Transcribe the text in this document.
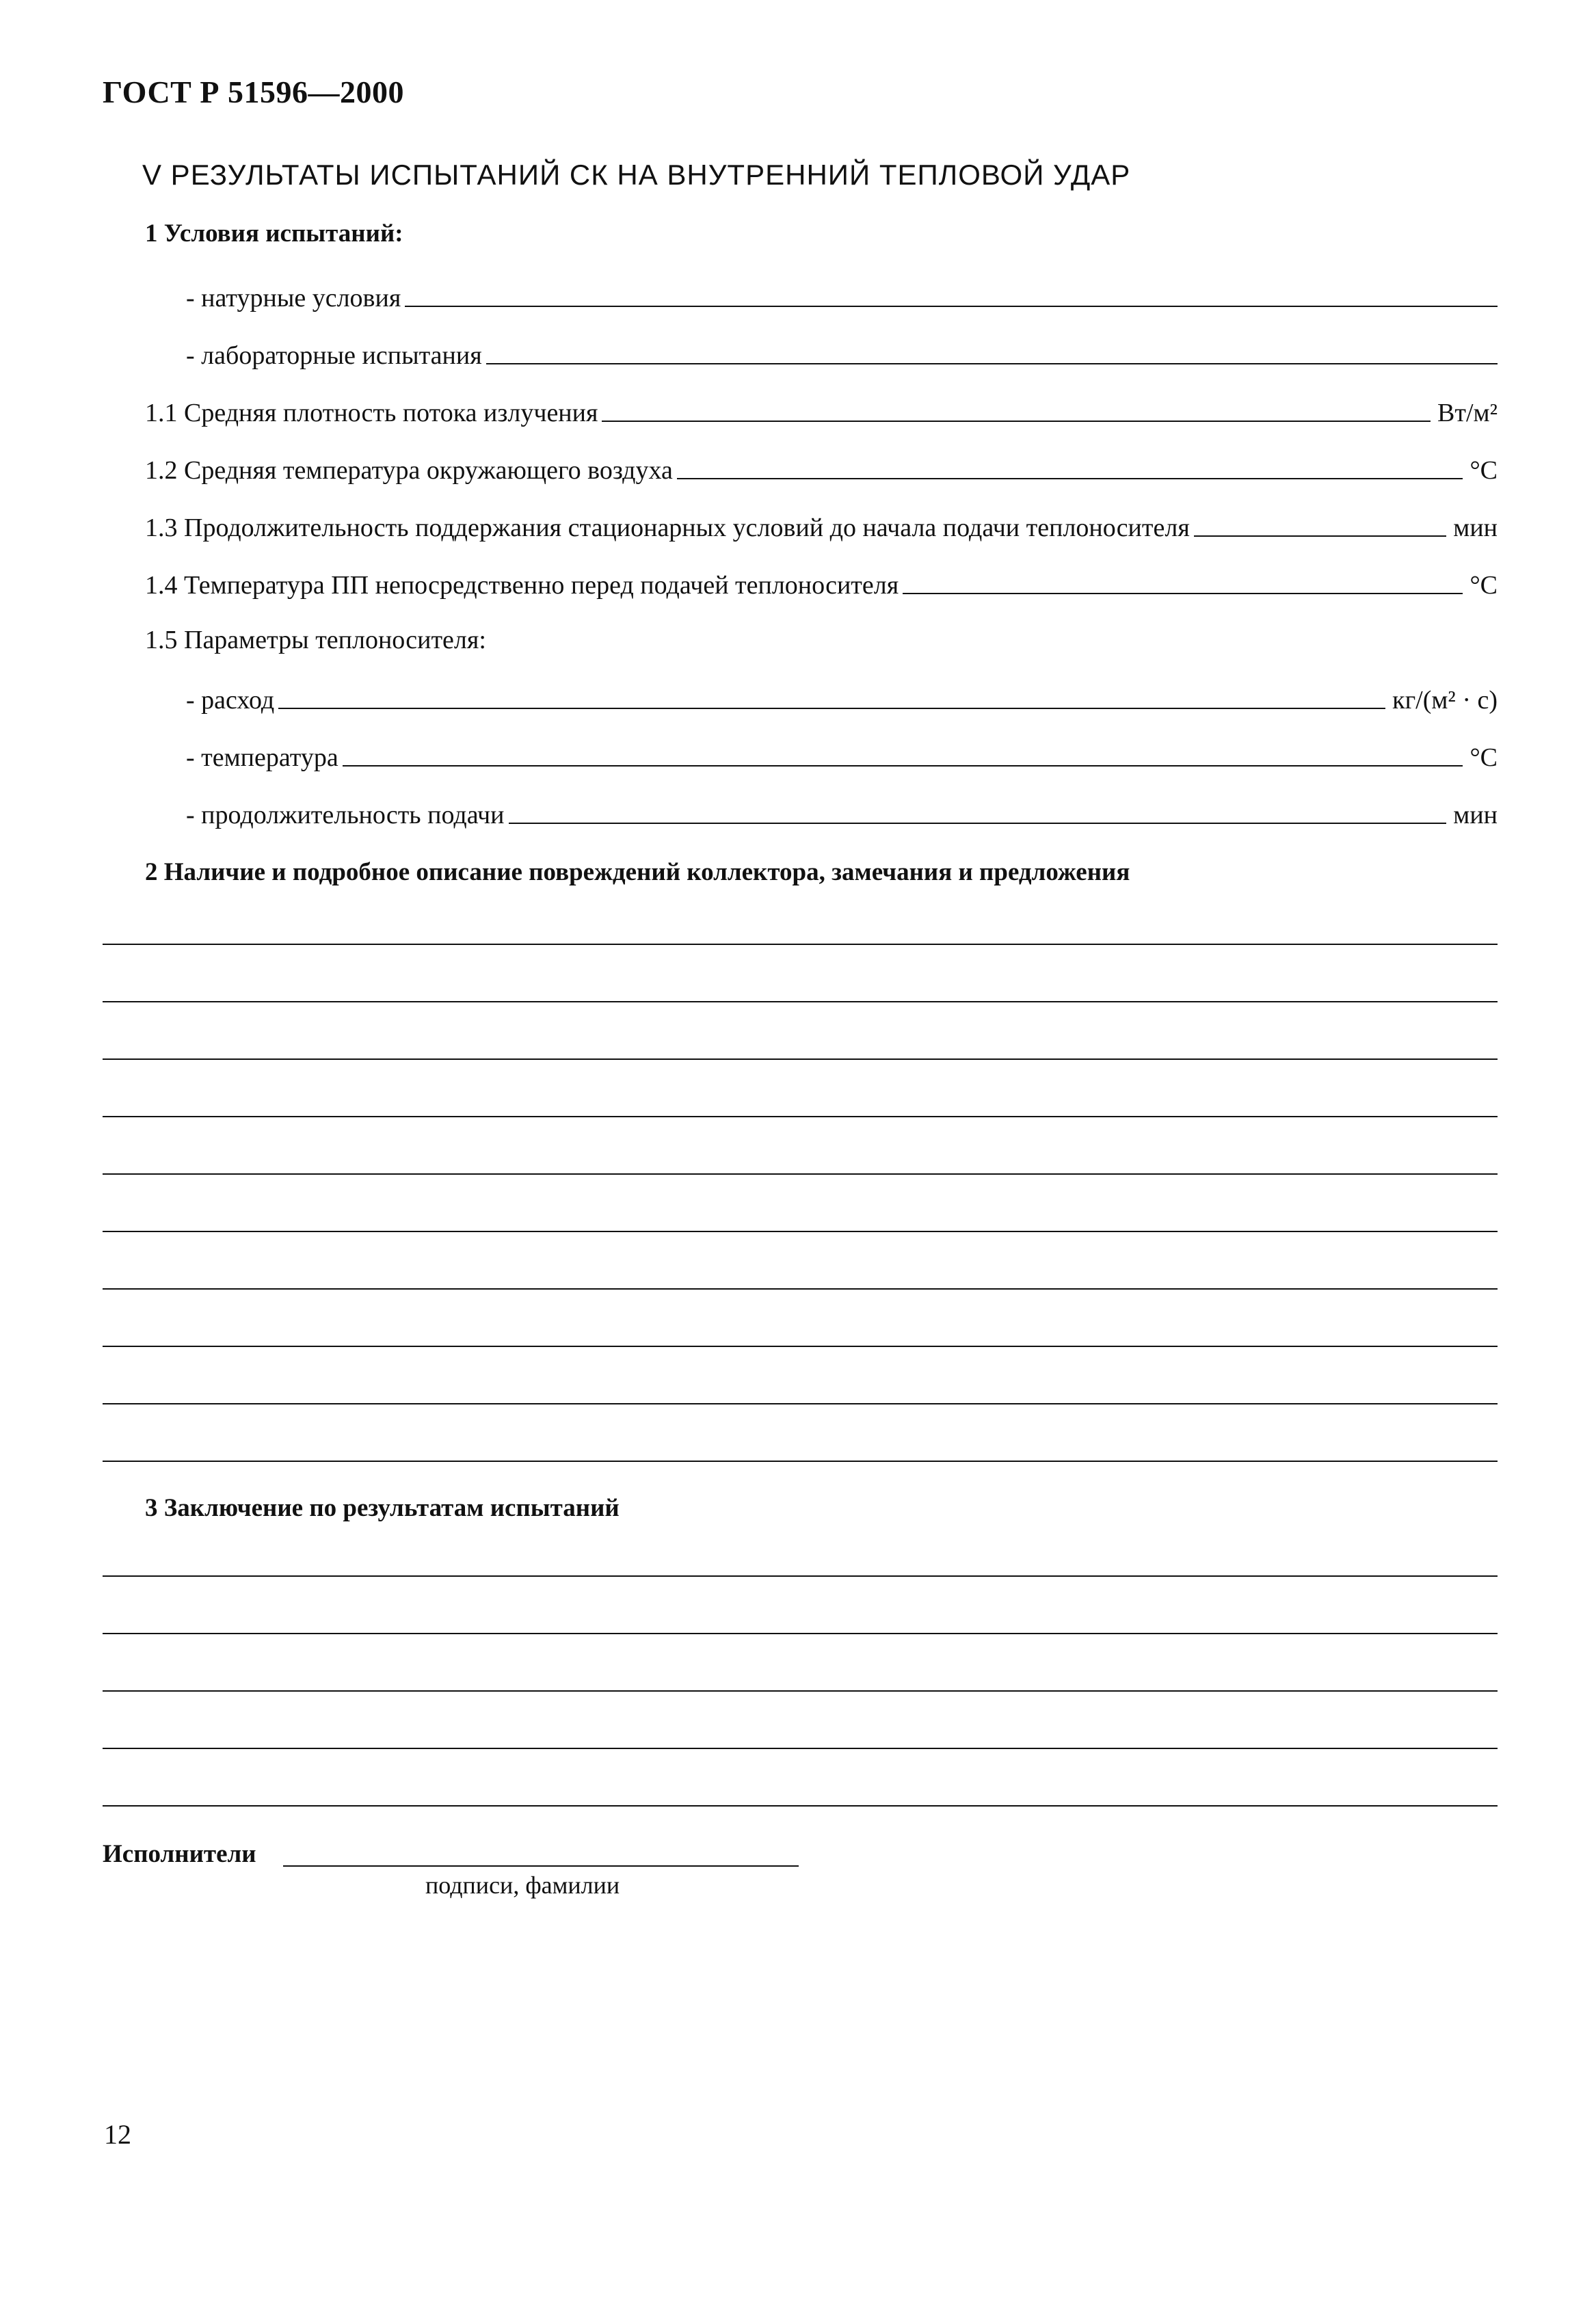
ГОСТ Р 51596—2000
V РЕЗУЛЬТАТЫ ИСПЫТАНИЙ СК НА ВНУТРЕННИЙ ТЕПЛОВОЙ УДАР
1 Условия испытаний:
- натурные условия
- лабораторные испытания
1.1 Средняя плотность потока излучения	Вт/м²
1.2 Средняя температура окружающего воздуха	°С
1.3 Продолжительность поддержания стационарных условий до начала подачи теплоносителя	мин
1.4 Температура ПП непосредственно перед подачей теплоносителя	°С
1.5 Параметры теплоносителя:
- расход	кг/(м² · с)
- температура	°С
- продолжительность подачи	мин
2 Наличие и подробное описание повреждений коллектора, замечания и предложения
3 Заключение по результатам испытаний
Исполнители
подписи, фамилии
12
